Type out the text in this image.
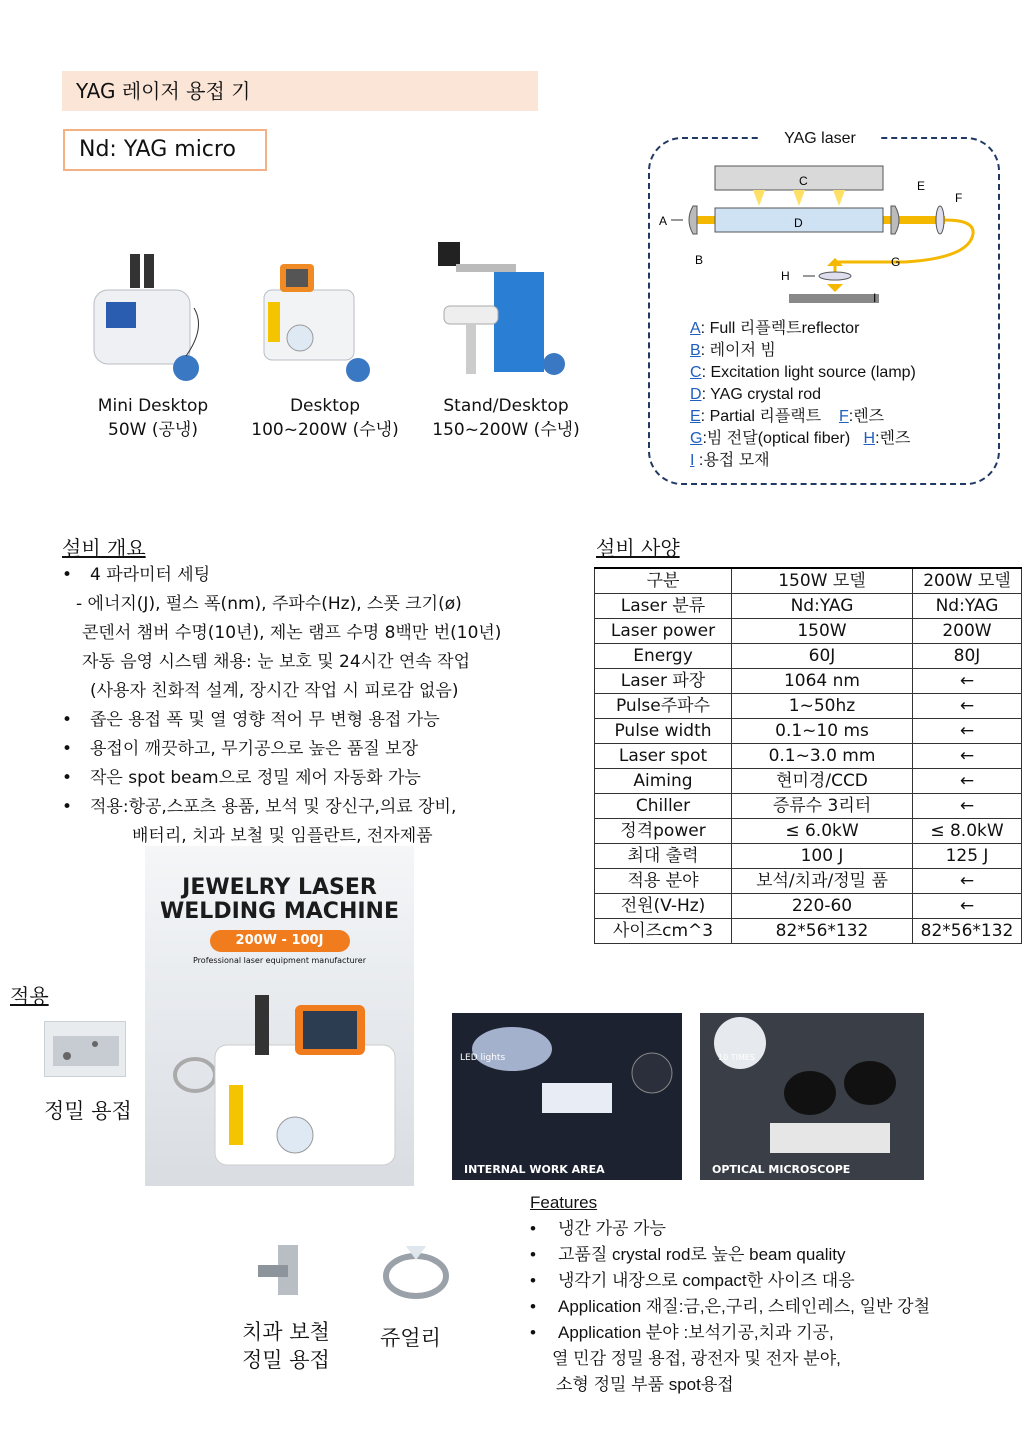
YAG 레이저 용접 기
Nd: YAG micro
Mini Desktop
50W (공냉)
Desktop
100~200W (수냉)
Stand/Desktop
150~200W (수냉)
YAG laser
C
D
A
B
E
F
G
H
I
A: Full 리플렉트reflector
B: 레이저 빔
C: Excitation light source (lamp)
D: YAG crystal rod
E: Partial 리플랙트 F:렌즈
G:빔 전달(optical fiber) H:렌즈
I :용접 모재
설비 개요
• 4 파라미터 세팅
- 에너지(J), 펄스 폭(nm), 주파수(Hz), 스폿 크기(ø)
콘덴서 챔버 수명(10년), 제논 램프 수명 8백만 번(10년)
자동 음영 시스템 채용: 눈 보호 및 24시간 연속 작업
(사용자 친화적 설계, 장시간 작업 시 피로감 없음)
• 좁은 용접 폭 및 열 영향 적어 무 변형 용접 가능
• 용접이 깨끗하고, 무기공으로 높은 품질 보장
• 작은 spot beam으로 정밀 제어 자동화 가능
• 적용:항공,스포츠 용품, 보석 및 장신구,의료 장비,
배터리, 치과 보철 및 임플란트, 전자제품
설비 사양
구분	150W 모델	200W 모델
Laser 분류	Nd:YAG	Nd:YAG
Laser power	150W	200W
Energy	60J	80J
Laser 파장	1064 nm	←
Pulse주파수	1~50hz	←
Pulse width	0.1~10 ms	←
Laser spot	0.1~3.0 mm	←
Aiming	현미경/CCD	←
Chiller	증류수 3리터	←
정격power	≤ 6.0kW	≤ 8.0kW
최대 출력	100 J	125 J
적용 분야	보석/치과/정밀 품	←
전원(V-Hz)	220-60	←
사이즈cm^3	82*56*132	82*56*132
JEWELRY LASER
WELDING MACHINE
200W - 100J
Professional laser equipment manufacturer
적용
정밀 용접
치과 보철
정밀 용접
쥬얼리
LED lights
INTERNAL WORK AREA
10 TIMES
OPTICAL MICROSCOPE
Features
• 냉간 가공 가능
• 고품질 crystal rod로 높은 beam quality
• 냉각기 내장으로 compact한 사이즈 대응
• Application 재질:금,은,구리, 스테인레스, 일반 강철
• Application 분야 :보석기공,치과 기공,
열 민감 정밀 용접, 광전자 및 전자 분야,
소형 정밀 부품 spot용접
